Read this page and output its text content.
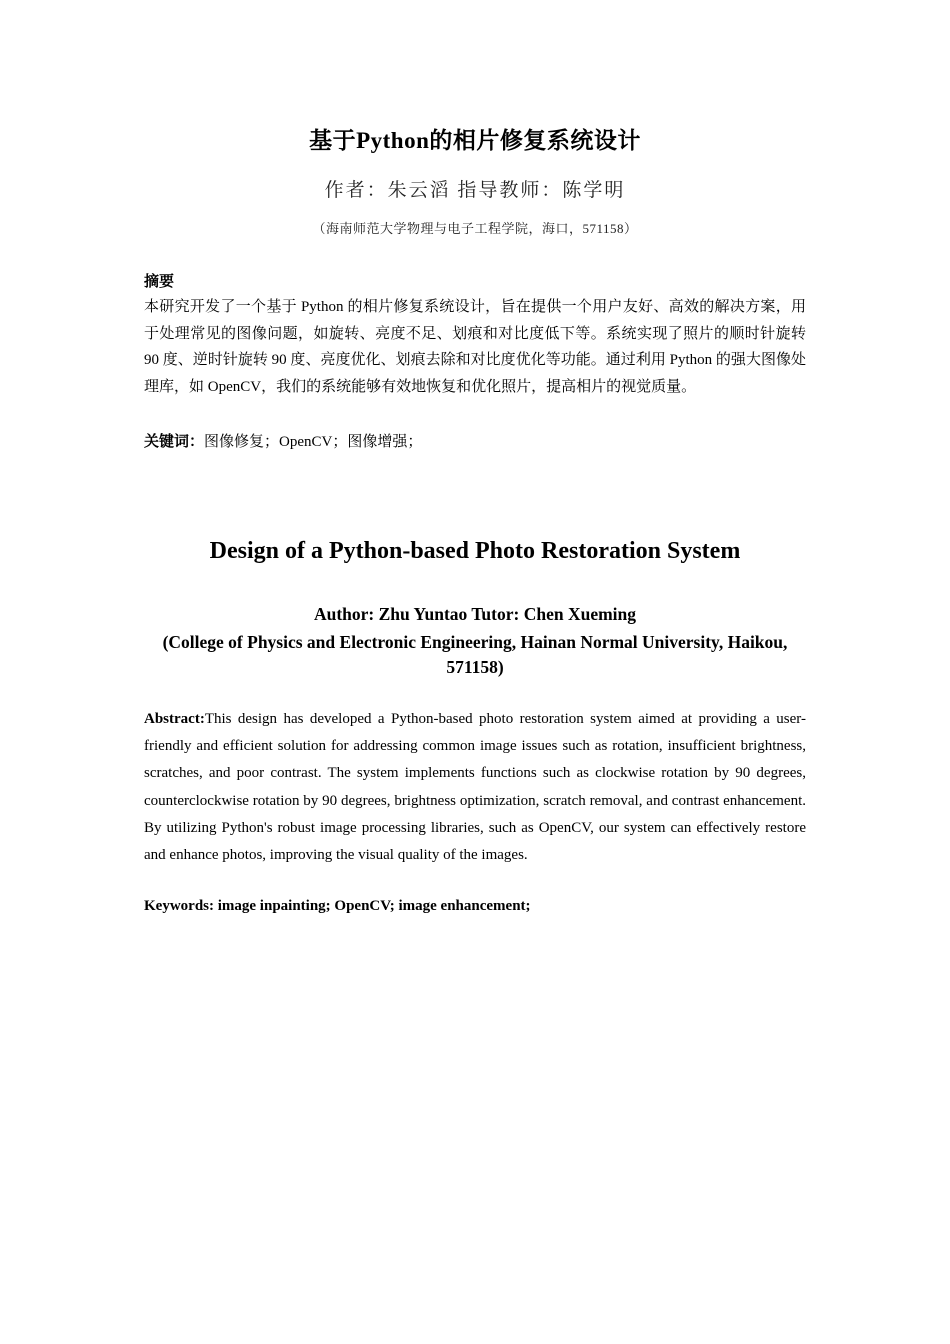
基于Python的相片修复系统设计
作者：朱云滔 指导教师：陈学明
（海南师范大学物理与电子工程学院，海口，571158）
摘要
本研究开发了一个基于 Python 的相片修复系统设计，旨在提供一个用户友好、高效的解决方案，用于处理常见的图像问题，如旋转、亮度不足、划痕和对比度低下等。系统实现了照片的顺时针旋转 90 度、逆时针旋转 90 度、亮度优化、划痕去除和对比度优化等功能。通过利用 Python 的强大图像处理库，如 OpenCV，我们的系统能够有效地恢复和优化照片，提高相片的视觉质量。
关键词：图像修复；OpenCV；图像增强；
Design of a Python-based Photo Restoration System
Author: Zhu Yuntao Tutor: Chen Xueming
(College of Physics and Electronic Engineering, Hainan Normal University, Haikou, 571158)
Abstract:This design has developed a Python-based photo restoration system aimed at providing a user-friendly and efficient solution for addressing common image issues such as rotation, insufficient brightness, scratches, and poor contrast. The system implements functions such as clockwise rotation by 90 degrees, counterclockwise rotation by 90 degrees, brightness optimization, scratch removal, and contrast enhancement. By utilizing Python's robust image processing libraries, such as OpenCV, our system can effectively restore and enhance photos, improving the visual quality of the images.
Keywords: image inpainting; OpenCV; image enhancement;
